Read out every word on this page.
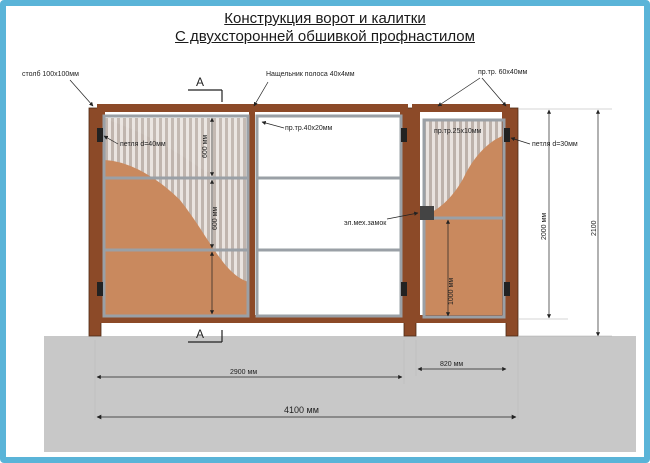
Конструкция ворот и калитки
С двухсторонней обшивкой профнастилом
A
A
столб 100х100мм	Нащельник полоса 40х4мм	пр.тр. 60х40мм
пр.тр.40х20мм	пр.тр.25х10мм
петля d=40мм	петля d=30мм
эл.мех.замок
600 мм
600 мм
1000 мм
2000 мм	2100
2900 мм
820 мм
4100 мм
